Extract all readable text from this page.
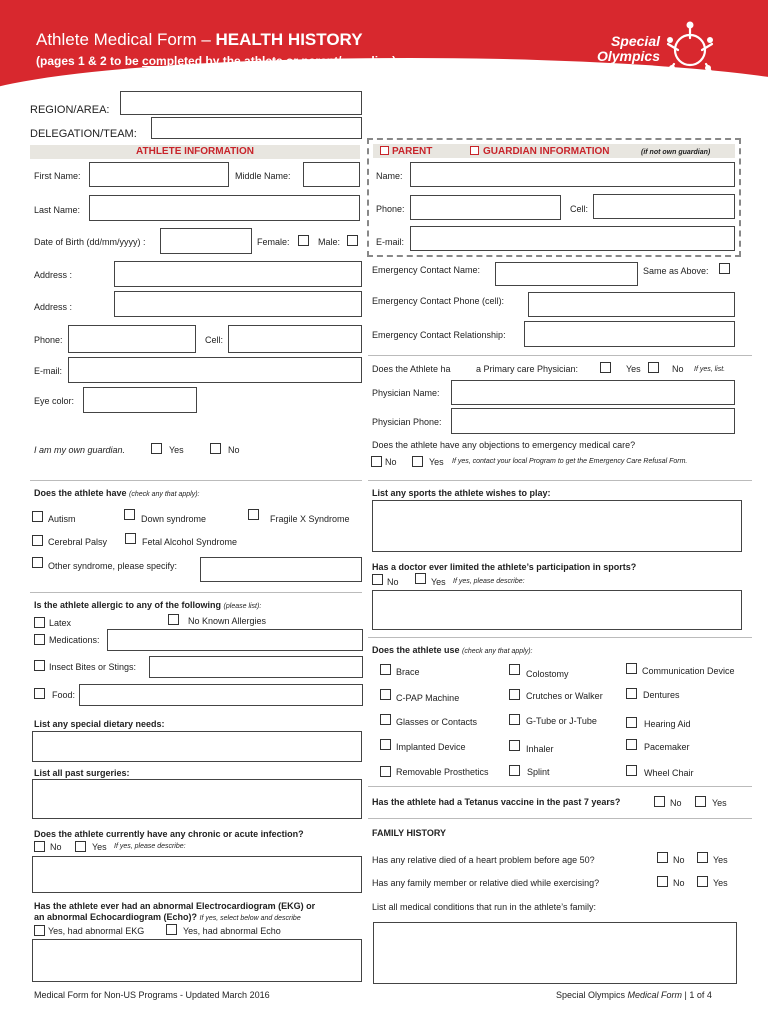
Athlete Medical Form – HEALTH HISTORY
(pages 1 & 2 to be completed by the athlete or parent/guardian)
Special
Olympics
REGION/AREA:
DELEGATION/TEAM:
ATHLETE INFORMATION
First Name:	Middle Name:
Last Name:
Date of Birth (dd/mm/yyyy) :	Female:	Male:
Address :
Address :
Phone:	Cell:
E-mail:
Eye color:
I am my own guardian.	Yes	No
PARENT	GUARDIAN INFORMATION	(if not own guardian)
Name:
Phone:	Cell:
E-mail:
Emergency Contact Name:	Same as Above:
Emergency Contact Phone (cell):
Emergency Contact Relationship:
Does the Athlete ha	a Primary care Physician:	Yes	No If yes, list.
Physician Name:
Physician Phone:
Does the athlete have any objections to emergency medical care?
No	Yes If yes, contact your local Program to get the Emergency Care Refusal Form.
Does the athlete have (check any that apply):
Autism	Down syndrome	Fragile X Syndrome
Cerebral Palsy	Fetal Alcohol Syndrome
Other syndrome, please specify:
Is the athlete allergic to any of the following (please list):
Latex	No Known Allergies
Medications:
Insect Bites or Stings:
Food:
List any special dietary needs:
List all past surgeries:
Does the athlete currently have any chronic or acute infection?
No	Yes If yes, please describe:
Has the athlete ever had an abnormal Electrocardiogram (EKG) or
an abnormal Echocardiogram (Echo)? If yes, select below and describe
Yes, had abnormal EKG	Yes, had abnormal Echo
List any sports the athlete wishes to play:
Has a doctor ever limited the athlete’s participation in sports?
No	Yes If yes, please describe:
Does the athlete use (check any that apply):
Brace	Colostomy	Communication Device
C-PAP Machine	Crutches or Walker	Dentures
Glasses or Contacts	G-Tube or J-Tube	Hearing Aid
Implanted Device	Inhaler	Pacemaker
Removable Prosthetics	Splint	Wheel Chair
Has the athlete had a Tetanus vaccine in the past 7 years?	No	Yes
FAMILY HISTORY
Has any relative died of a heart problem before age 50?	No	Yes
Has any family member or relative died while exercising?	No	Yes
List all medical conditions that run in the athlete’s family:
Medical Form for Non-US Programs - Updated March 2016	Special Olympics Medical Form | 1 of 4
